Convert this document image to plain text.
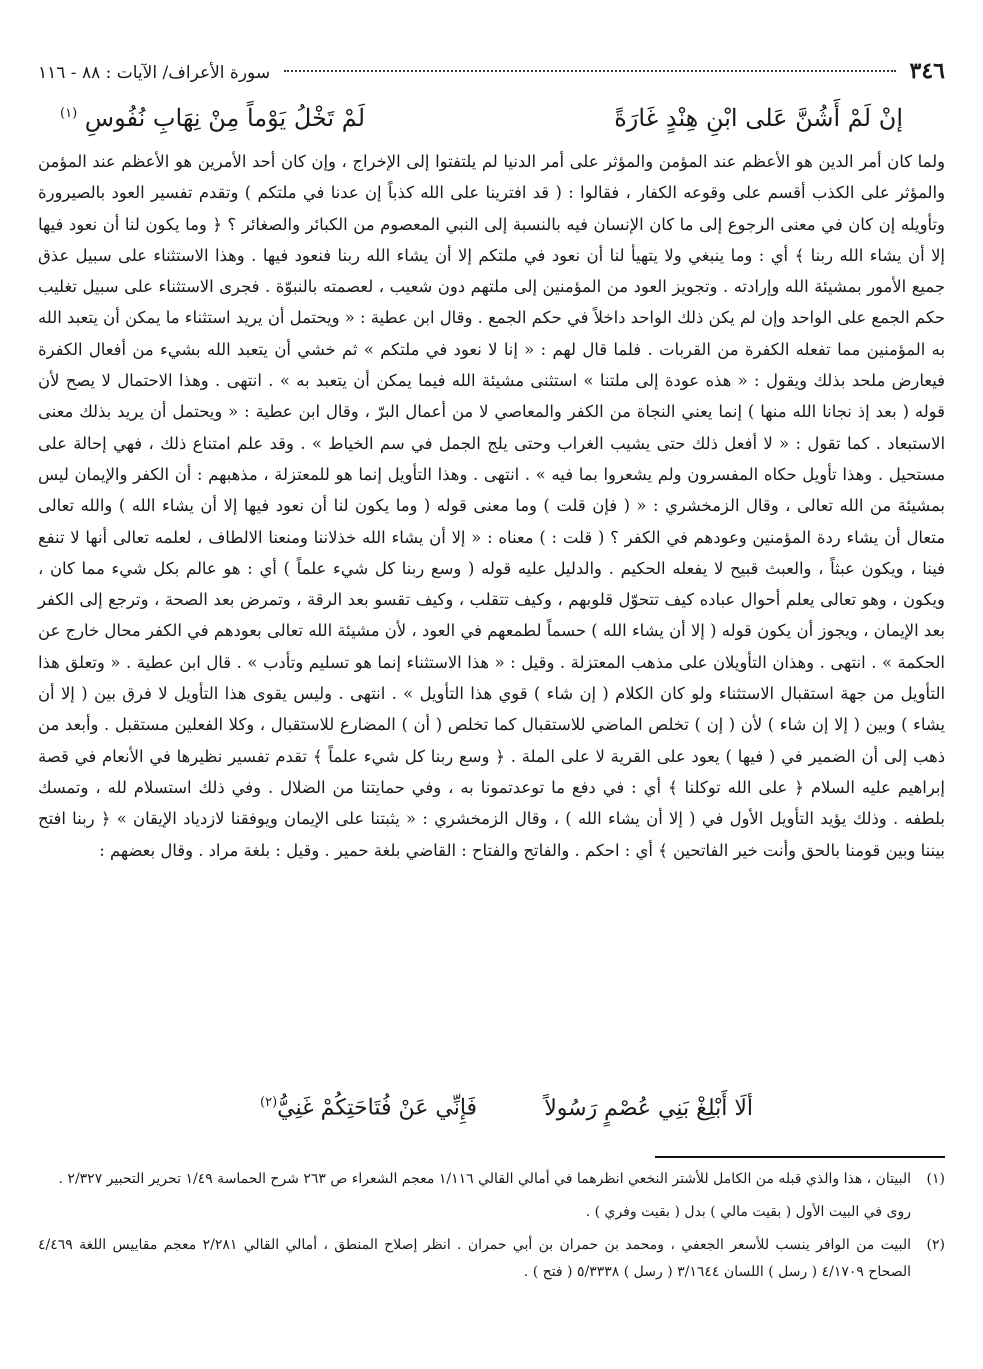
٣٤٦
سورة الأعراف/ الآيات : ٨٨ - ١١٦
إنْ لَمْ أَشُنَّ عَلى ابْنِ هِنْدٍ غَارَةً
لَمْ تَخْلُ يَوْماً مِنْ نِهَابِ نُفُوسِ $^{(١)}$

ولما كان أمر الدين هو الأعظم عند المؤمن والمؤثر على أمر الدنيا لم يلتفتوا إلى الإخراج ، وإن كان أحد الأمرين هو الأعظم عند المؤمن والمؤثر على الكذب أقسم على وقوعه الكفار ، فقالوا : ( قد افترينا على الله كذباً إن عدنا في ملتكم ) وتقدم تفسير العود بالصيرورة وتأويله إن كان في معنى الرجوع إلى ما كان الإنسان فيه بالنسبة إلى النبي المعصوم من الكبائر والصغائر ؟ ﴿ وما يكون لنا أن نعود فيها إلا أن يشاء الله ربنا ﴾ أي : وما ينبغي ولا يتهيأ لنا أن نعود في ملتكم إلا أن يشاء الله ربنا فنعود فيها . وهذا الاستثناء على سبيل عذق جميع الأمور بمشيئة الله وإرادته . وتجويز العود من المؤمنين إلى ملتهم دون شعيب ، لعصمته بالنبوّة . فجرى الاستثناء على سبيل تغليب حكم الجمع على الواحد وإن لم يكن ذلك الواحد داخلاً في حكم الجمع . وقال ابن عطية : « ويحتمل أن يريد استثناء ما يمكن أن يتعبد الله به المؤمنين مما تفعله الكفرة من القربات . فلما قال لهم : « إنا لا نعود في ملتكم » ثم خشي أن يتعبد الله بشيء من أفعال الكفرة فيعارض ملحد بذلك ويقول : « هذه عودة إلى ملتنا » استثنى مشيئة الله فيما يمكن أن يتعبد به » . انتهى . وهذا الاحتمال لا يصح لأن قوله ( بعد إذ نجانا الله منها ) إنما يعني النجاة من الكفر والمعاصي لا من أعمال البرّ ، وقال ابن عطية : « ويحتمل أن يريد بذلك معنى الاستبعاد . كما تقول : « لا أفعل ذلك حتى يشيب الغراب وحتى يلج الجمل في سم الخياط » . وقد علم امتناع ذلك ، فهي إحالة على مستحيل . وهذا تأويل حكاه المفسرون ولم يشعروا بما فيه » . انتهى . وهذا التأويل إنما هو للمعتزلة ، مذهبهم : أن الكفر والإيمان ليس بمشيئة من الله تعالى ، وقال الزمخشري : « ( فإن قلت ) وما معنى قوله ( وما يكون لنا أن نعود فيها إلا أن يشاء الله ) والله تعالى متعال أن يشاء ردة المؤمنين وعودهم في الكفر ؟ ( قلت : ) معناه : « إلا أن يشاء الله خذلاننا ومنعنا الالطاف ، لعلمه تعالى أنها لا تنفع فينا ، ويكون عبثاً ، والعبث قبيح لا يفعله الحكيم . والدليل عليه قوله ( وسع ربنا كل شيء علماً ) أي : هو عالم بكل شيء مما كان ، ويكون ، وهو تعالى يعلم أحوال عباده كيف تتحوّل قلوبهم ، وكيف تتقلب ، وكيف تقسو بعد الرقة ، وتمرض بعد الصحة ، وترجع إلى الكفر بعد الإيمان ، ويجوز أن يكون قوله ( إلا أن يشاء الله ) حسماً لطمعهم في العود ، لأن مشيئة الله تعالى بعودهم في الكفر محال خارج عن الحكمة » . انتهى . وهذان التأويلان على مذهب المعتزلة . وقيل : « هذا الاستثناء إنما هو تسليم وتأدب » . قال ابن عطية . « وتعلق هذا التأويل من جهة استقبال الاستثناء ولو كان الكلام ( إن شاء ) قوي هذا التأويل » . انتهى . وليس يقوى هذا التأويل لا فرق بين ( إلا أن يشاء ) وبين ( إلا إن شاء ) لأن ( إن ) تخلص الماضي للاستقبال كما تخلص ( أن ) المضارع للاستقبال ، وكلا الفعلين مستقبل . وأبعد من ذهب إلى أن الضمير في ( فيها ) يعود على القرية لا على الملة . ﴿ وسع ربنا كل شيء علماً ﴾ تقدم تفسير نظيرها في الأنعام في قصة إبراهيم عليه السلام ﴿ على الله توكلنا ﴾ أي : في دفع ما توعدتمونا به ، وفي حمايتنا من الضلال . وفي ذلك استسلام لله ، وتمسك بلطفه . وذلك يؤيد التأويل الأول في ( إلا أن يشاء الله ) ، وقال الزمخشري : « يثبتنا على الإيمان ويوفقنا لازدياد الإيقان » ﴿ ربنا افتح بيننا وبين قومنا بالحق وأنت خير الفاتحين ﴾ أي : احكم . والفاتح والفتاح : القاضي بلغة حمير . وقيل : بلغة مراد . وقال بعضهم :

ألَا أَبْلِغْ بَنِي عُصْمٍ رَسُولاً
فَإِنِّي عَنْ فُتَاحَتِكُمْ غَنِيُّ$^{(٢)}$
(١)
البيتان ، هذا والذي قبله من الكامل للأشتر النخعي انظرهما في أمالي القالي ١/١١٦ معجم الشعراء ص ٢٦٣ شرح الحماسة ١/٤٩ تحرير التحبير ٢/٣٢٧ .
روى في البيت الأول ( بقيت مالي ) بدل ( بقيت وفري ) .
(٢)
البيت من الوافر ينسب للأسعر الجعفي ، ومحمد بن حمران بن أبي حمران . انظر إصلاح المنطق ، أمالي القالي ٢/٢٨١ معجم مقاييس اللغة ٤/٤٦٩ الصحاح ٤/١٧٠٩ ( رسل ) اللسان ٣/١٦٤٤ ( رسل ) ٥/٣٣٣٨ ( فتح ) .
